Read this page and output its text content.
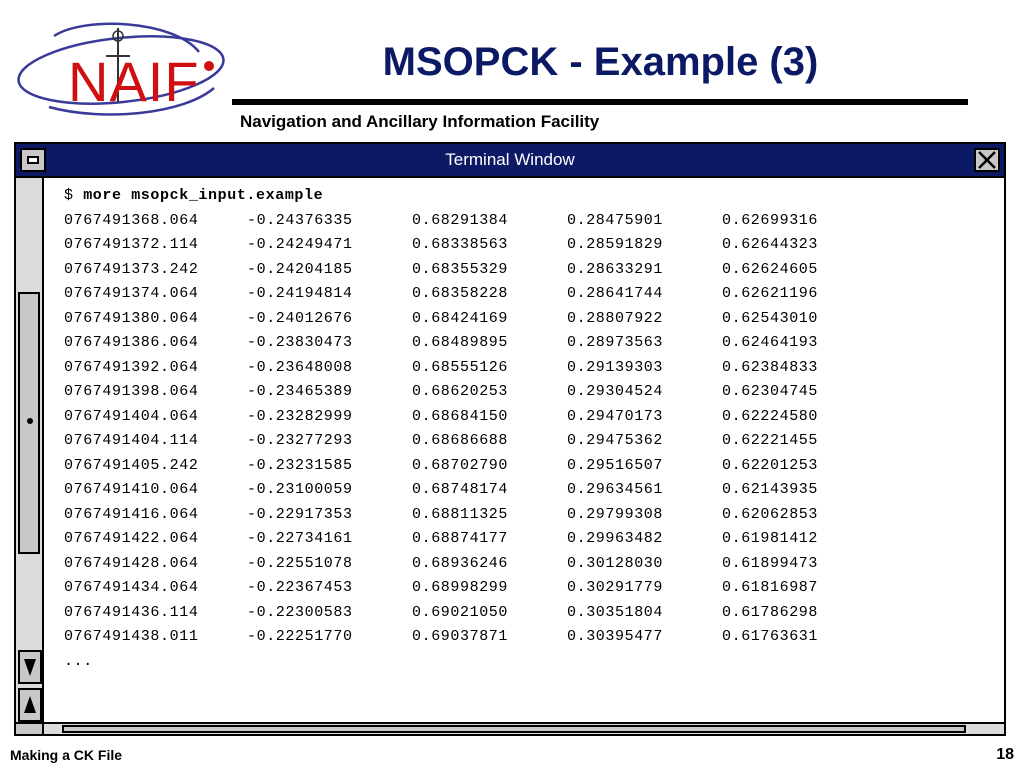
NAIF	MSOPCK - Example (3)
Navigation and Ancillary Information Facility
Terminal Window
$ more msopck_input.example
0767491368.064	-0.24376335	0.68291384	0.28475901	0.62699316
0767491372.114	-0.24249471	0.68338563	0.28591829	0.62644323
0767491373.242	-0.24204185	0.68355329	0.28633291	0.62624605
0767491374.064	-0.24194814	0.68358228	0.28641744	0.62621196
0767491380.064	-0.24012676	0.68424169	0.28807922	0.62543010
0767491386.064	-0.23830473	0.68489895	0.28973563	0.62464193
0767491392.064	-0.23648008	0.68555126	0.29139303	0.62384833
0767491398.064	-0.23465389	0.68620253	0.29304524	0.62304745
0767491404.064	-0.23282999	0.68684150	0.29470173	0.62224580
0767491404.114	-0.23277293	0.68686688	0.29475362	0.62221455
0767491405.242	-0.23231585	0.68702790	0.29516507	0.62201253
0767491410.064	-0.23100059	0.68748174	0.29634561	0.62143935
0767491416.064	-0.22917353	0.68811325	0.29799308	0.62062853
0767491422.064	-0.22734161	0.68874177	0.29963482	0.61981412
0767491428.064	-0.22551078	0.68936246	0.30128030	0.61899473
0767491434.064	-0.22367453	0.68998299	0.30291779	0.61816987
0767491436.114	-0.22300583	0.69021050	0.30351804	0.61786298
0767491438.011	-0.22251770	0.69037871	0.30395477	0.61763631
...
Making a CK File	18
